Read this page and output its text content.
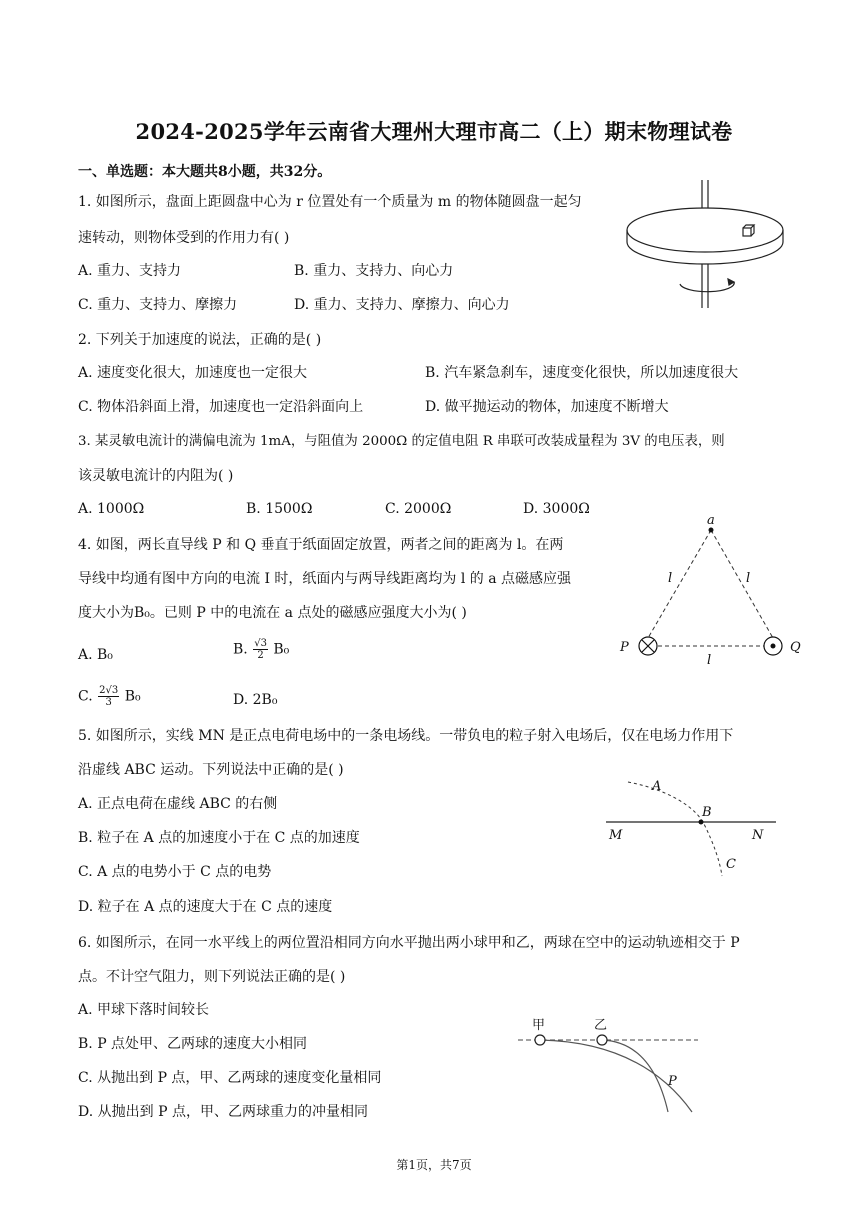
2024-2025学年云南省大理州大理市高二（上）期末物理试卷
一、单选题：本大题共8小题，共32分。
1. 如图所示，盘面上距圆盘中心为 r 位置处有一个质量为 m 的物体随圆盘一起匀
速转动，则物体受到的作用力有( )
A. 重力、支持力	B. 重力、支持力、向心力
C. 重力、支持力、摩擦力	D. 重力、支持力、摩擦力、向心力
2. 下列关于加速度的说法，正确的是( )
A. 速度变化很大，加速度也一定很大	B. 汽车紧急刹车，速度变化很快，所以加速度很大
C. 物体沿斜面上滑，加速度也一定沿斜面向上	D. 做平抛运动的物体，加速度不断增大
3. 某灵敏电流计的满偏电流为 1mA，与阻值为 2000Ω 的定值电阻 R 串联可改装成量程为 3V 的电压表，则
该灵敏电流计的内阻为( )
A. 1000Ω	B. 1500Ω	C. 2000Ω	D. 3000Ω
4. 如图，两长直导线 P 和 Q 垂直于纸面固定放置，两者之间的距离为 l。在两
导线中均通有图中方向的电流 I 时，纸面内与两导线距离均为 l 的 a 点磁感应强
度大小为B₀。已则 P 中的电流在 a 点处的磁感应强度大小为( )
A. B₀	B. $\frac{√3}{2} B_0$
C. $\frac{2√3}{3} B_0$	D. 2B₀
a
l	l
l
P	Q
5. 如图所示，实线 MN 是正点电荷电场中的一条电场线。一带负电的粒子射入电场后，仅在电场力作用下
沿虚线 ABC 运动。下列说法中正确的是( )
A. 正点电荷在虚线 ABC 的右侧
B. 粒子在 A 点的加速度小于在 C 点的加速度
C. A 点的电势小于 C 点的电势
D. 粒子在 A 点的速度大于在 C 点的速度
A
B
C
M	N
6. 如图所示，在同一水平线上的两位置沿相同方向水平抛出两小球甲和乙，两球在空中的运动轨迹相交于 P
点。不计空气阻力，则下列说法正确的是( )
A. 甲球下落时间较长
B. P 点处甲、乙两球的速度大小相同
C. 从抛出到 P 点，甲、乙两球的速度变化量相同
D. 从抛出到 P 点，甲、乙两球重力的冲量相同
甲	乙
P
第1页，共7页
